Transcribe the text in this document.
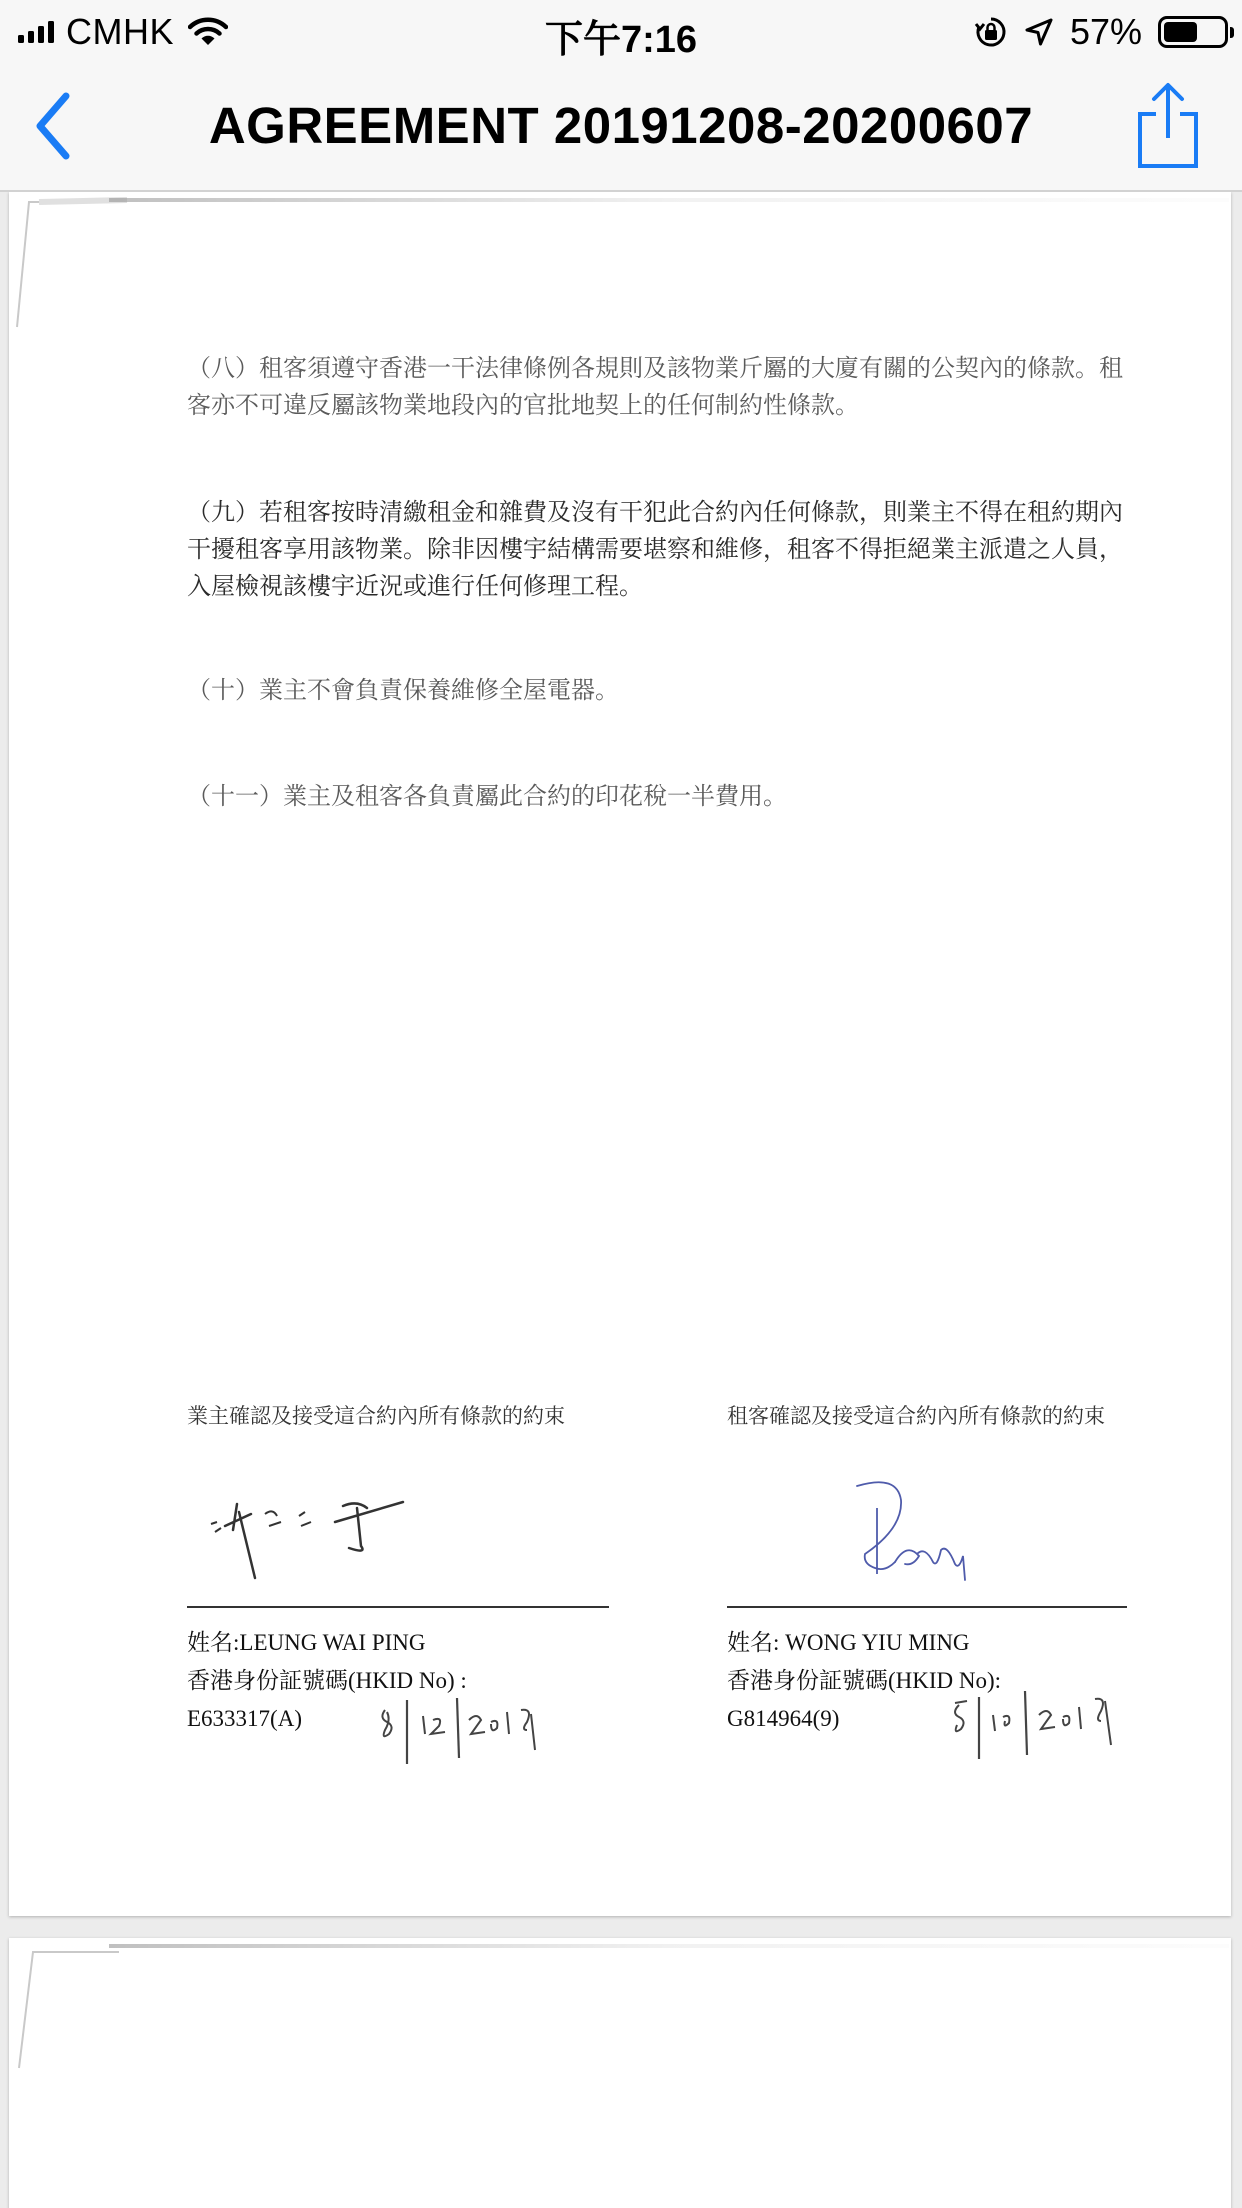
CMHK	下午7:16	57%
AGREEMENT 20191208-20200607
（八）租客須遵守香港一干法律條例各規則及該物業斤屬的大廈有關的公契內的條款。租客亦不可違反屬該物業地段內的官批地契上的任何制約性條款。
（九）若租客按時清繳租金和雜費及沒有干犯此合約內任何條款，則業主不得在租約期內干擾租客享用該物業。除非因樓宇結構需要堪察和維修，租客不得拒絕業主派遣之人員，入屋檢視該樓宇近況或進行任何修理工程。
（十）業主不會負責保養維修全屋電器。
（十一）業主及租客各負責屬此合約的印花稅一半費用。
業主確認及接受這合約內所有條款的約束
姓名:LEUNG WAI PING
香港身份証號碼(HKID No) :
E633317(A)
租客確認及接受這合約內所有條款的約束
姓名: WONG YIU MING
香港身份証號碼(HKID No):
G814964(9)
